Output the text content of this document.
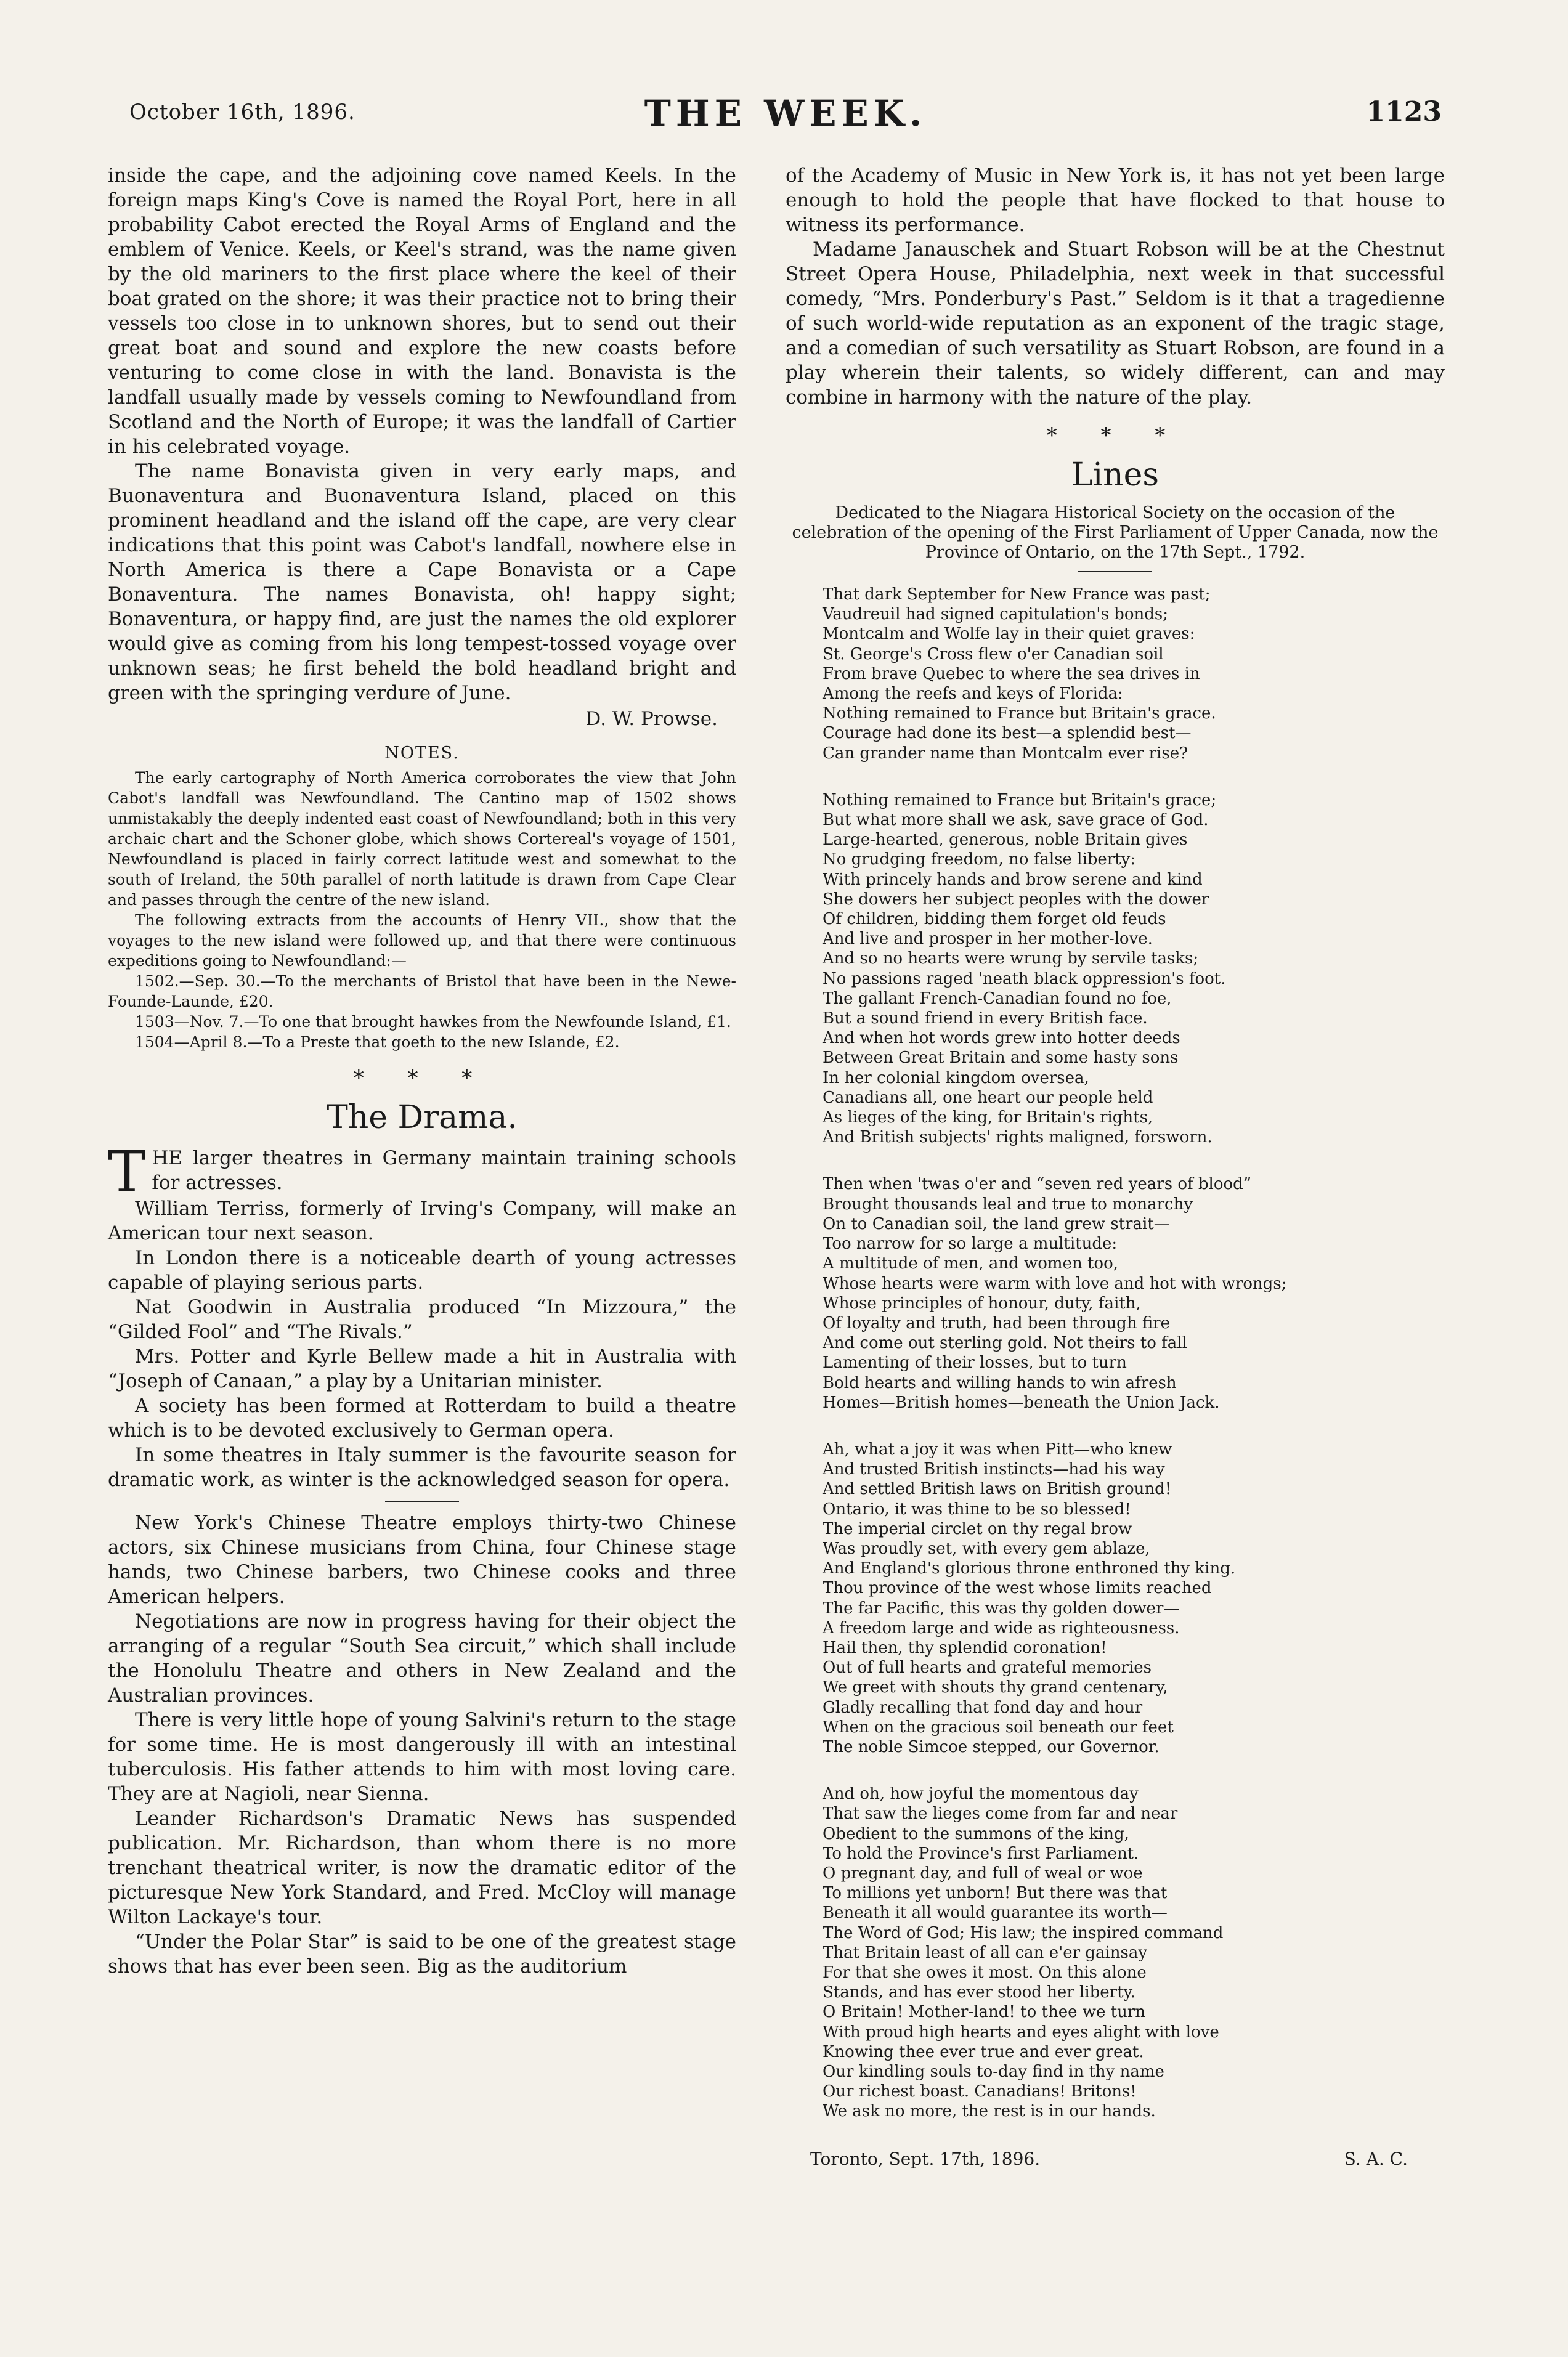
October 16th, 1896.	THE WEEK.	1123

inside the cape, and the adjoining cove named Keels. In the foreign maps King's Cove is named the Royal Port, here in all probability Cabot erected the Royal Arms of England and the emblem of Venice. Keels, or Keel's strand, was the name given by the old mariners to the first place where the keel of their boat grated on the shore; it was their practice not to bring their vessels too close in to unknown shores, but to send out their great boat and sound and explore the new coasts before venturing to come close in with the land. Bonavista is the landfall usually made by vessels coming to Newfoundland from Scotland and the North of Europe; it was the landfall of Cartier in his celebrated voyage.

The name Bonavista given in very early maps, and Buonaventura and Buonaventura Island, placed on this prominent headland and the island off the cape, are very clear indications that this point was Cabot's landfall, nowhere else in North America is there a Cape Bonavista or a Cape Bonaventura. The names Bonavista, oh! happy sight; Bonaventura, or happy find, are just the names the old explorer would give as coming from his long tempest-tossed voyage over unknown seas; he first beheld the bold headland bright and green with the springing verdure of June.

D. W. Prowse.
NOTES.

The early cartography of North America corroborates the view that John Cabot's landfall was Newfoundland. The Cantino map of 1502 shows unmistakably the deeply indented east coast of Newfoundland; both in this very archaic chart and the Schoner globe, which shows Cortereal's voyage of 1501, Newfoundland is placed in fairly correct latitude west and somewhat to the south of Ireland, the 50th parallel of north latitude is drawn from Cape Clear and passes through the centre of the new island.

The following extracts from the accounts of Henry VII., show that the voyages to the new island were followed up, and that there were continuous expeditions going to Newfoundland:—

1502.—Sep. 30.—To the merchants of Bristol that have been in the Newe-Founde-Launde, £20.

1503—Nov. 7.—To one that brought hawkes from the Newfounde Island, £1.

1504—April 8.—To a Preste that goeth to the new Islande, £2.

* * *
The Drama.

THE larger theatres in Germany maintain training schools for actresses.

William Terriss, formerly of Irving's Company, will make an American tour next season.

In London there is a noticeable dearth of young actresses capable of playing serious parts.

Nat Goodwin in Australia produced “In Mizzoura,” the “Gilded Fool” and “The Rivals.”

Mrs. Potter and Kyrle Bellew made a hit in Australia with “Joseph of Canaan,” a play by a Unitarian minister.

A society has been formed at Rotterdam to build a theatre which is to be devoted exclusively to German opera.

In some theatres in Italy summer is the favourite season for dramatic work, as winter is the acknowledged season for opera.

New York's Chinese Theatre employs thirty-two Chinese actors, six Chinese musicians from China, four Chinese stage hands, two Chinese barbers, two Chinese cooks and three American helpers.

Negotiations are now in progress having for their object the arranging of a regular “South Sea circuit,” which shall include the Honolulu Theatre and others in New Zealand and the Australian provinces.

There is very little hope of young Salvini's return to the stage for some time. He is most dangerously ill with an intestinal tuberculosis. His father attends to him with most loving care. They are at Nagioli, near Sienna.

Leander Richardson's Dramatic News has suspended publication. Mr. Richardson, than whom there is no more trenchant theatrical writer, is now the dramatic editor of the picturesque New York Standard, and Fred. McCloy will manage Wilton Lackaye's tour.

“Under the Polar Star” is said to be one of the greatest stage shows that has ever been seen. Big as the auditorium

of the Academy of Music in New York is, it has not yet been large enough to hold the people that have flocked to that house to witness its performance.

Madame Janauschek and Stuart Robson will be at the Chestnut Street Opera House, Philadelphia, next week in that successful comedy, “Mrs. Ponderbury's Past.” Seldom is it that a tragedienne of such world-wide reputation as an exponent of the tragic stage, and a comedian of such versatility as Stuart Robson, are found in a play wherein their talents, so widely different, can and may combine in harmony with the nature of the play.

* * *
Lines
Dedicated to the Niagara Historical Society on the occasion of the celebration of the opening of the First Parliament of Upper Canada, now the Province of Ontario, on the 17th Sept., 1792.
That dark September for New France was past;
Vaudreuil had signed capitulation's bonds;
Montcalm and Wolfe lay in their quiet graves:
St. George's Cross flew o'er Canadian soil
From brave Quebec to where the sea drives in
Among the reefs and keys of Florida:
Nothing remained to France but Britain's grace.
Courage had done its best—a splendid best—
Can grander name than Montcalm ever rise?
Nothing remained to France but Britain's grace;
But what more shall we ask, save grace of God.
Large-hearted, generous, noble Britain gives
No grudging freedom, no false liberty:
With princely hands and brow serene and kind
She dowers her subject peoples with the dower
Of children, bidding them forget old feuds
And live and prosper in her mother-love.
And so no hearts were wrung by servile tasks;
No passions raged 'neath black oppression's foot.
The gallant French-Canadian found no foe,
But a sound friend in every British face.
And when hot words grew into hotter deeds
Between Great Britain and some hasty sons
In her colonial kingdom oversea,
Canadians all, one heart our people held
As lieges of the king, for Britain's rights,
And British subjects' rights maligned, forsworn.
Then when 'twas o'er and “seven red years of blood”
Brought thousands leal and true to monarchy
On to Canadian soil, the land grew strait—
Too narrow for so large a multitude:
A multitude of men, and women too,
Whose hearts were warm with love and hot with wrongs;
Whose principles of honour, duty, faith,
Of loyalty and truth, had been through fire
And come out sterling gold. Not theirs to fall
Lamenting of their losses, but to turn
Bold hearts and willing hands to win afresh
Homes—British homes—beneath the Union Jack.
Ah, what a joy it was when Pitt—who knew
And trusted British instincts—had his way
And settled British laws on British ground!
Ontario, it was thine to be so blessed!
The imperial circlet on thy regal brow
Was proudly set, with every gem ablaze,
And England's glorious throne enthroned thy king.
Thou province of the west whose limits reached
The far Pacific, this was thy golden dower—
A freedom large and wide as righteousness.
Hail then, thy splendid coronation!
Out of full hearts and grateful memories
We greet with shouts thy grand centenary,
Gladly recalling that fond day and hour
When on the gracious soil beneath our feet
The noble Simcoe stepped, our Governor.
And oh, how joyful the momentous day
That saw the lieges come from far and near
Obedient to the summons of the king,
To hold the Province's first Parliament.
O pregnant day, and full of weal or woe
To millions yet unborn! But there was that
Beneath it all would guarantee its worth—
The Word of God; His law; the inspired command
That Britain least of all can e'er gainsay
For that she owes it most. On this alone
Stands, and has ever stood her liberty.
O Britain! Mother-land! to thee we turn
With proud high hearts and eyes alight with love
Knowing thee ever true and ever great.
Our kindling souls to-day find in thy name
Our richest boast. Canadians! Britons!
We ask no more, the rest is in our hands.
Toronto, Sept. 17th, 1896.	S. A. C.
